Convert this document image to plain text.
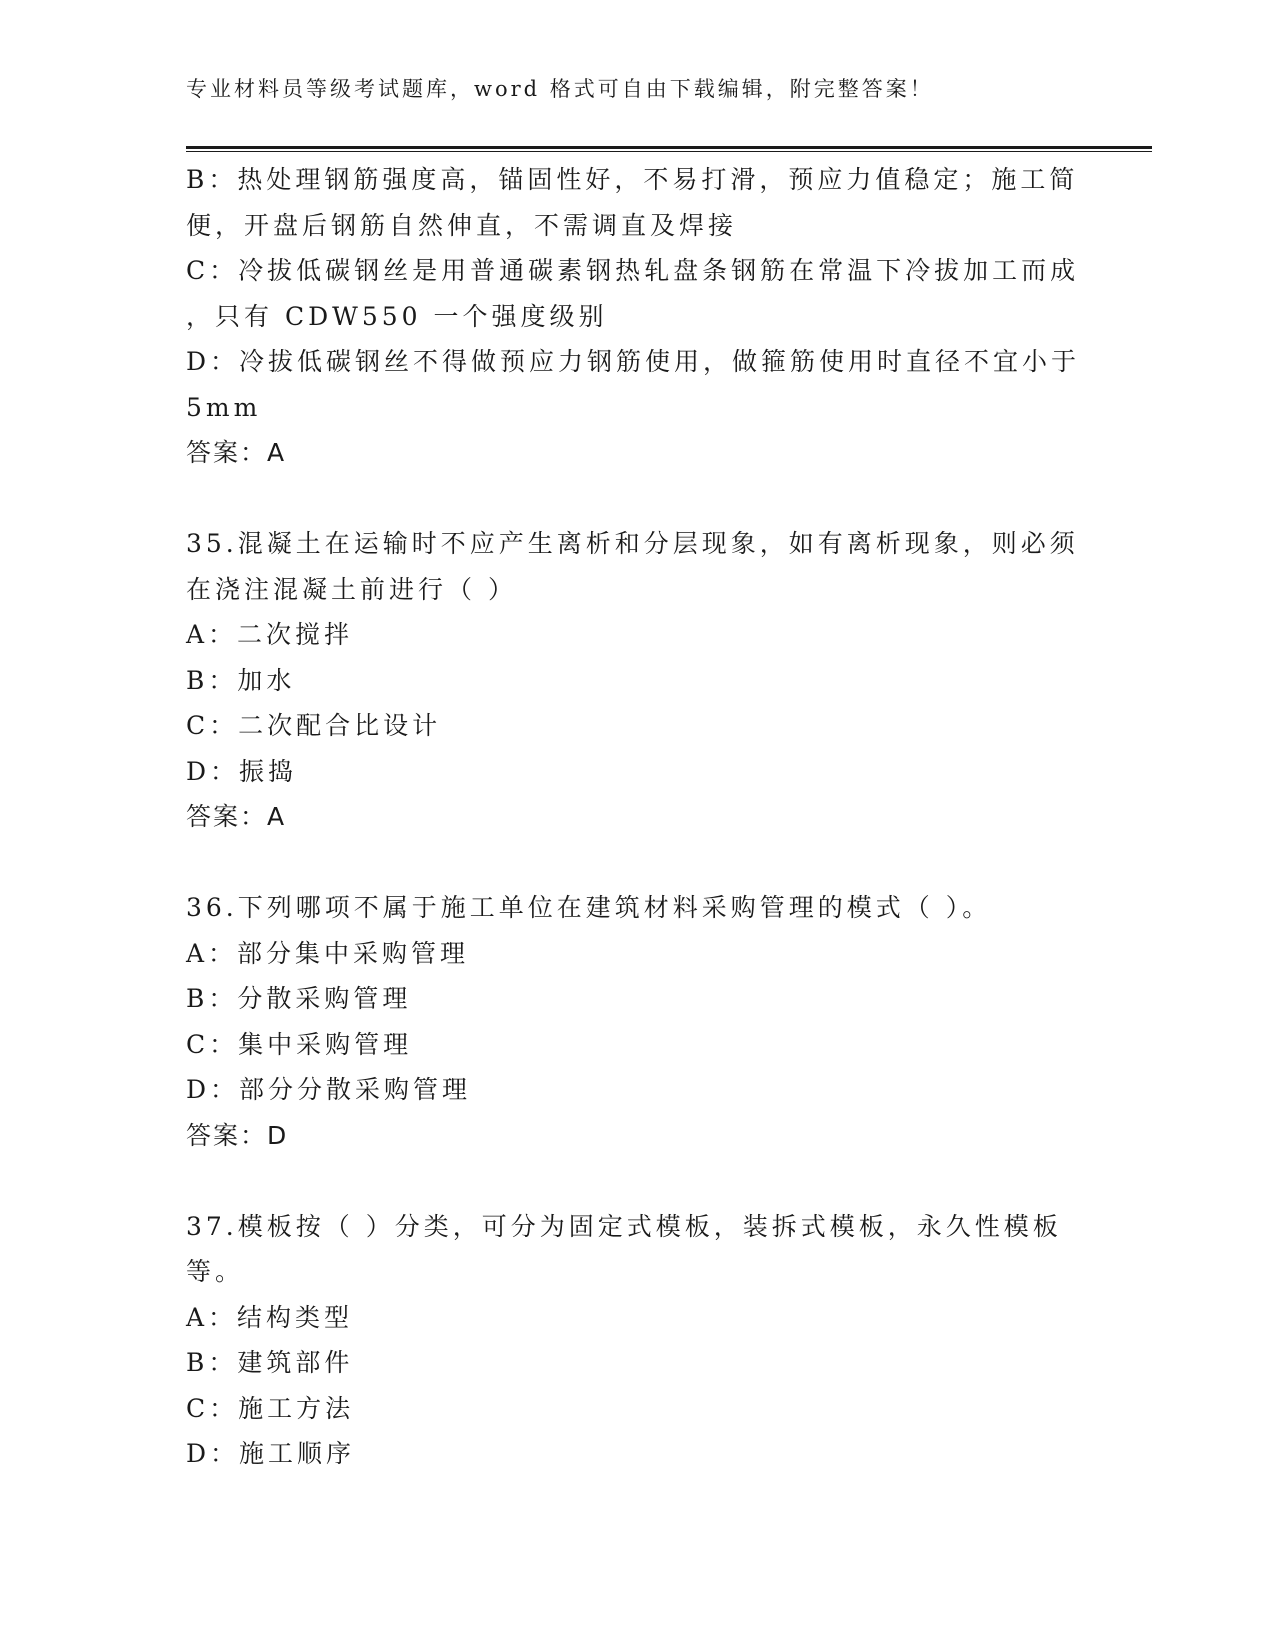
专业材料员等级考试题库，word 格式可自由下载编辑，附完整答案！
B：热处理钢筋强度高，锚固性好，不易打滑，预应力值稳定；施工简
便，开盘后钢筋自然伸直，不需调直及焊接
C：冷拔低碳钢丝是用普通碳素钢热轧盘条钢筋在常温下冷拔加工而成
，只有 CDW550 一个强度级别
D：冷拔低碳钢丝不得做预应力钢筋使用，做箍筋使用时直径不宜小于
5mm
答案：A
35.混凝土在运输时不应产生离析和分层现象，如有离析现象，则必须
在浇注混凝土前进行（ ）
A：二次搅拌
B：加水
C：二次配合比设计
D：振捣
答案：A
36.下列哪项不属于施工单位在建筑材料采购管理的模式（ ）。
A：部分集中采购管理
B：分散采购管理
C：集中采购管理
D：部分分散采购管理
答案：D
37.模板按（ ）分类，可分为固定式模板，装拆式模板，永久性模板
等。
A：结构类型
B：建筑部件
C：施工方法
D：施工顺序
